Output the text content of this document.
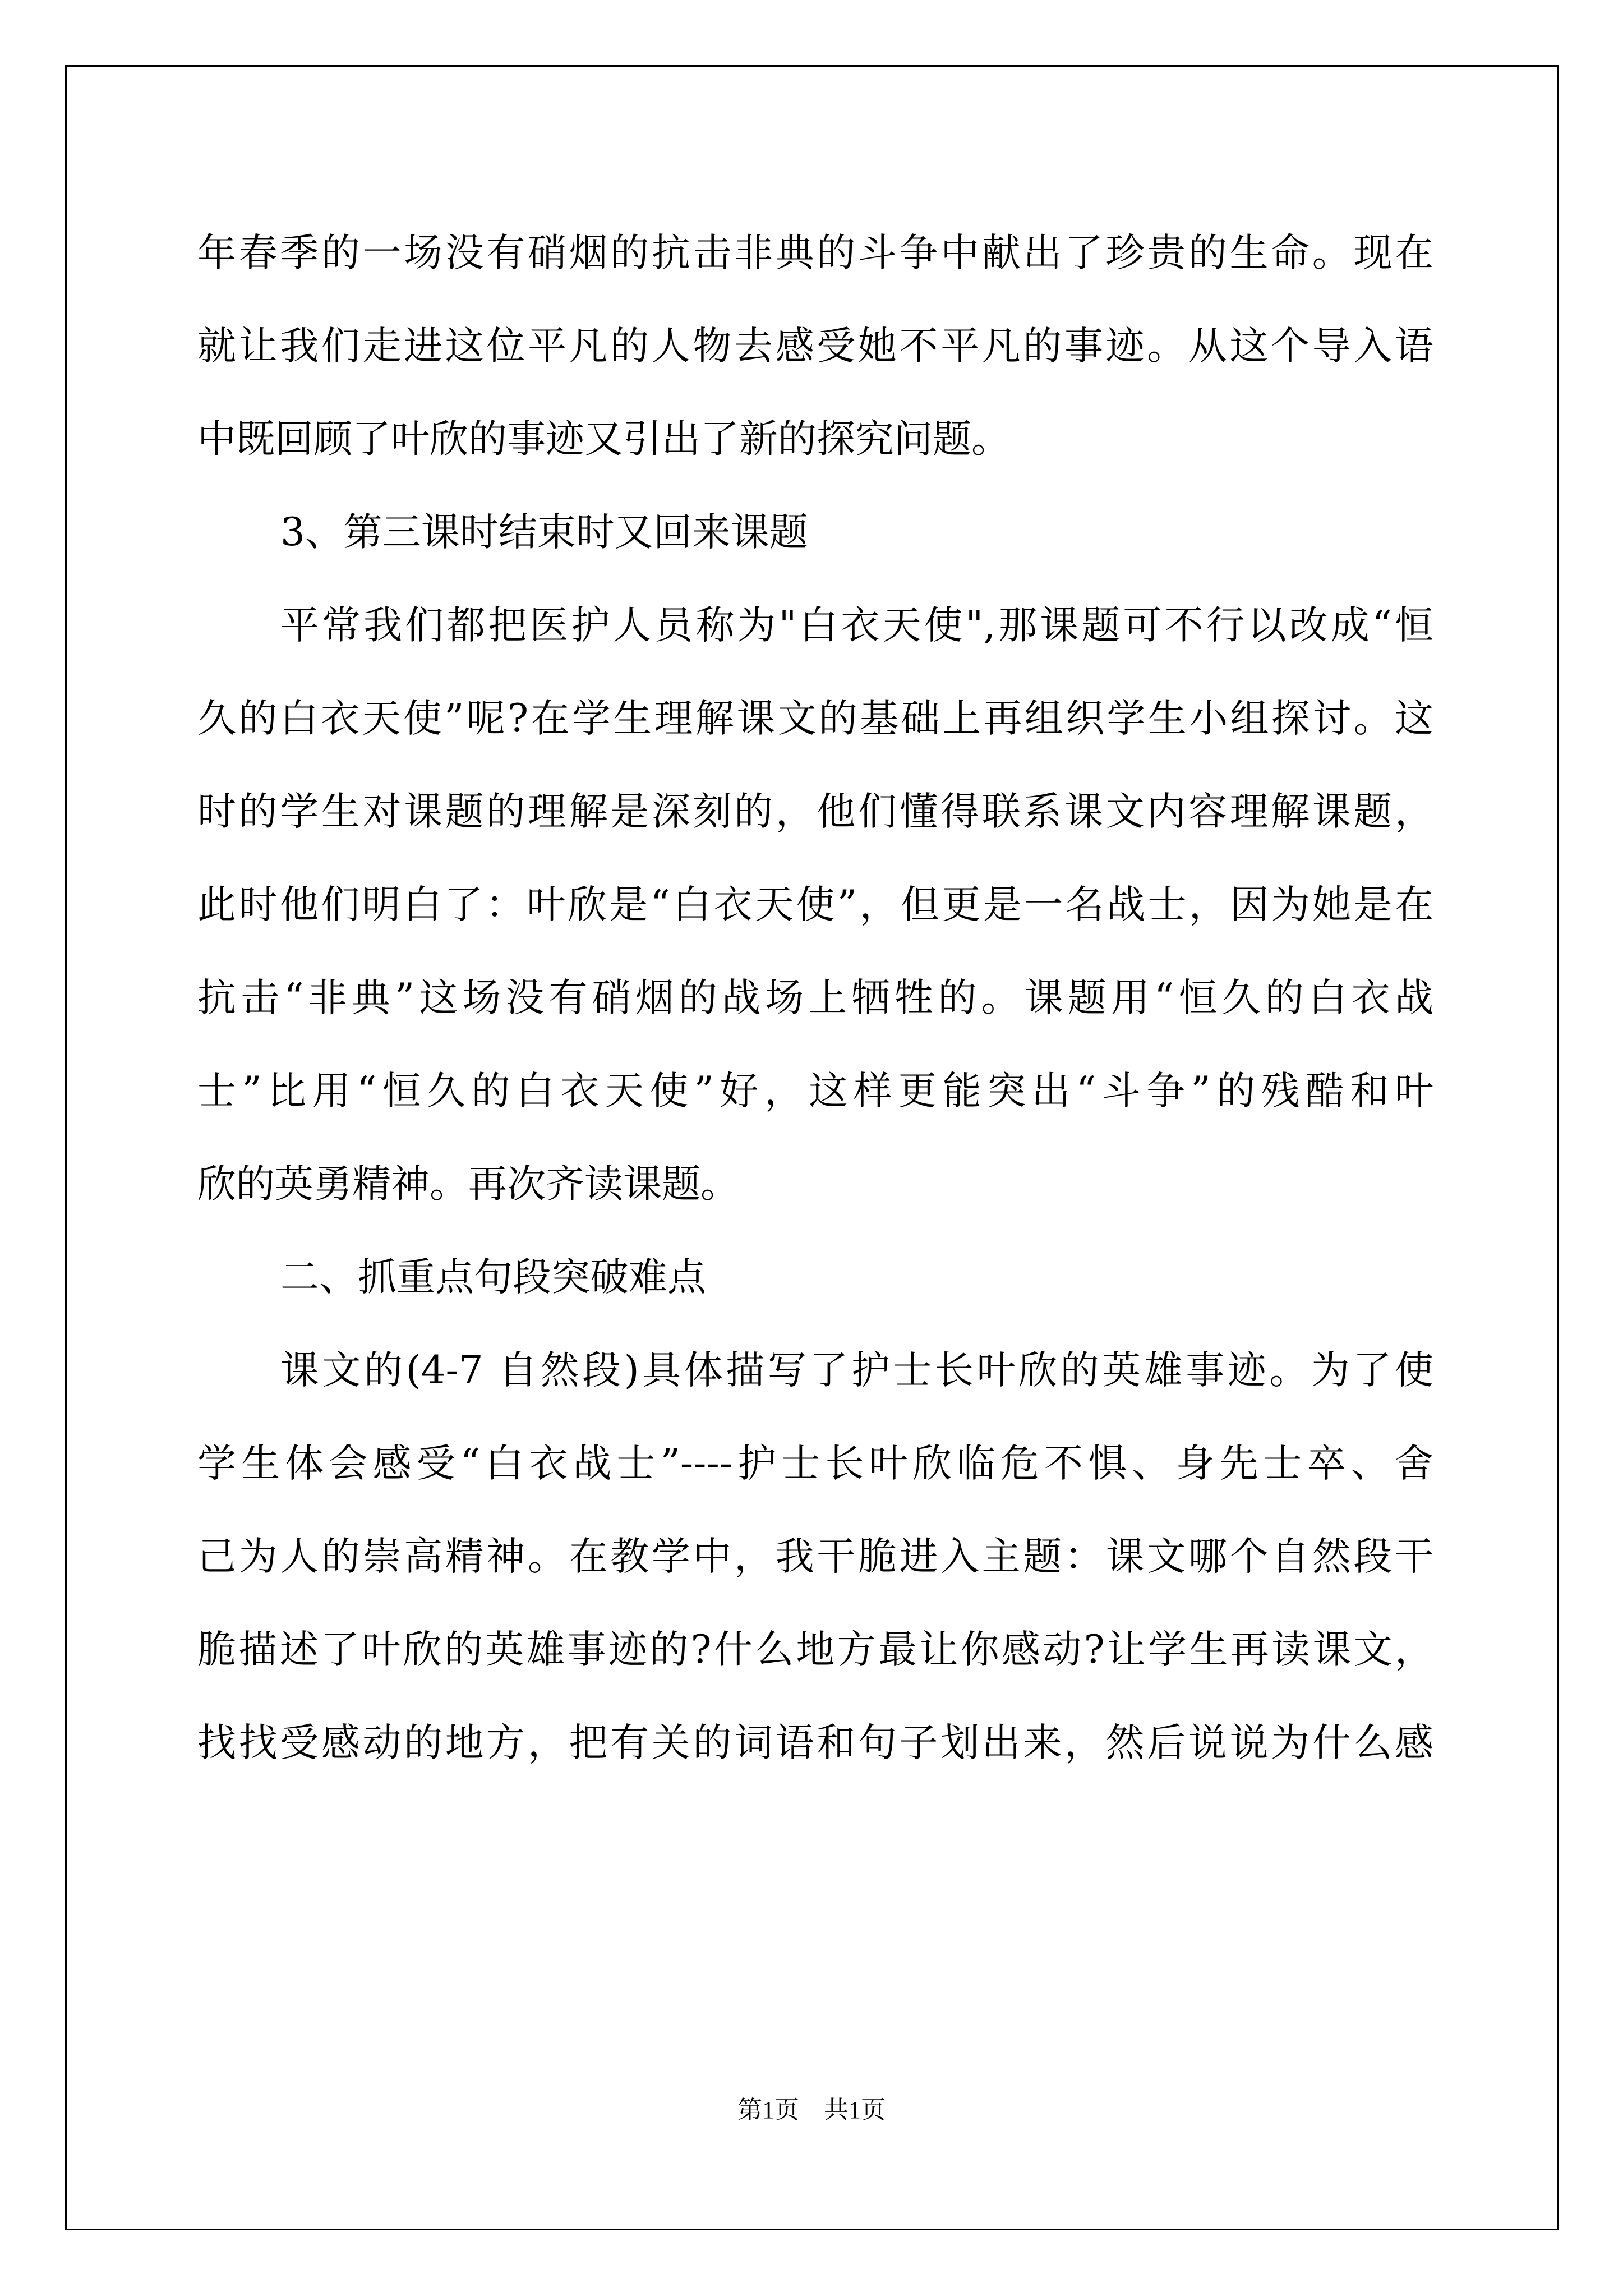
年春季的一场没有硝烟的抗击非典的斗争中献出了珍贵的生命。现在
就让我们走进这位平凡的人物去感受她不平凡的事迹。从这个导入语
中既回顾了叶欣的事迹又引出了新的探究问题。
3、第三课时结束时又回来课题
平常我们都把医护人员称为"白衣天使",那课题可不行以改成“恒
久的白衣天使”呢?在学生理解课文的基础上再组织学生小组探讨。这
时的学生对课题的理解是深刻的，他们懂得联系课文内容理解课题，
此时他们明白了：叶欣是“白衣天使”，但更是一名战士，因为她是在
抗击“非典”这场没有硝烟的战场上牺牲的。课题用“恒久的白衣战
士”比用“恒久的白衣天使”好，这样更能突出“斗争”的残酷和叶
欣的英勇精神。再次齐读课题。
二、抓重点句段突破难点
课文的(4-7 自然段)具体描写了护士长叶欣的英雄事迹。为了使
学生体会感受“白衣战士”----护士长叶欣临危不惧、身先士卒、舍
己为人的崇高精神。在教学中，我干脆进入主题：课文哪个自然段干
脆描述了叶欣的英雄事迹的?什么地方最让你感动?让学生再读课文，
找找受感动的地方，把有关的词语和句子划出来，然后说说为什么感
第1页　共1页
